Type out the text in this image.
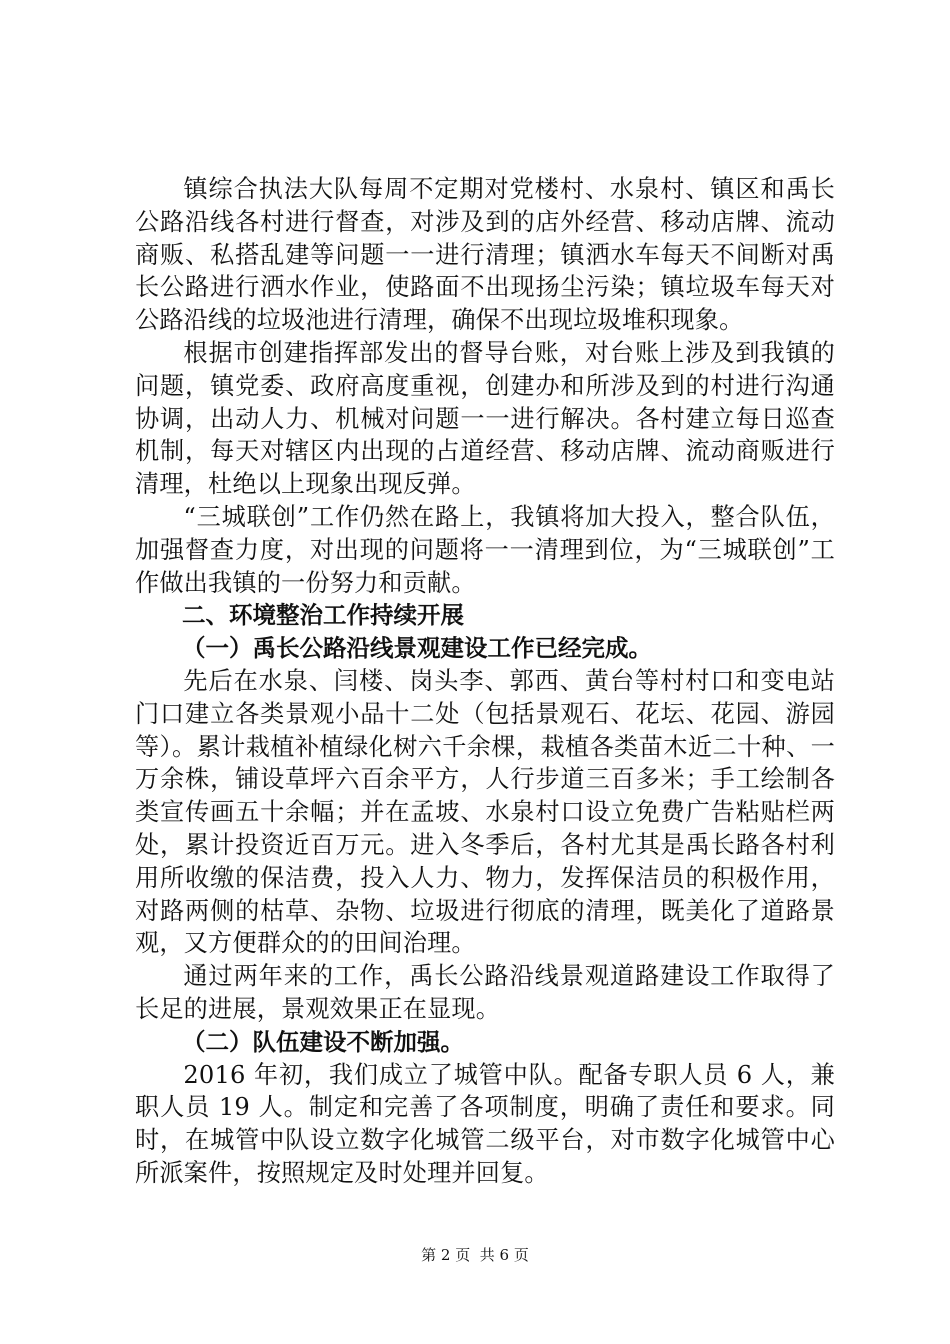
镇综合执法大队每周不定期对党楼村、水泉村、镇区和禹长公路沿线各村进行督查，对涉及到的店外经营、移动店牌、流动商贩、私搭乱建等问题一一进行清理；镇洒水车每天不间断对禹长公路进行洒水作业，使路面不出现扬尘污染；镇垃圾车每天对公路沿线的垃圾池进行清理，确保不出现垃圾堆积现象。

根据市创建指挥部发出的督导台账，对台账上涉及到我镇的问题，镇党委、政府高度重视，创建办和所涉及到的村进行沟通协调，出动人力、机械对问题一一进行解决。各村建立每日巡查机制，每天对辖区内出现的占道经营、移动店牌、流动商贩进行清理，杜绝以上现象出现反弹。

“三城联创”工作仍然在路上，我镇将加大投入，整合队伍，加强督查力度，对出现的问题将一一清理到位，为“三城联创”工作做出我镇的一份努力和贡献。

二、环境整治工作持续开展

（一）禹长公路沿线景观建设工作已经完成。

先后在水泉、闫楼、岗头李、郭西、黄台等村村口和变电站门口建立各类景观小品十二处（包括景观石、花坛、花园、游园等）。累计栽植补植绿化树六千余棵，栽植各类苗木近二十种、一万余株，铺设草坪六百余平方，人行步道三百多米；手工绘制各类宣传画五十余幅；并在孟坡、水泉村口设立免费广告粘贴栏两处，累计投资近百万元。进入冬季后，各村尤其是禹长路各村利用所收缴的保洁费，投入人力、物力，发挥保洁员的积极作用，对路两侧的枯草、杂物、垃圾进行彻底的清理，既美化了道路景观，又方便群众的的田间治理。

通过两年来的工作，禹长公路沿线景观道路建设工作取得了长足的进展，景观效果正在显现。

（二）队伍建设不断加强。

2016 年初，我们成立了城管中队。配备专职人员 6 人，兼职人员 19 人。制定和完善了各项制度，明确了责任和要求。同时，在城管中队设立数字化城管二级平台，对市数字化城管中心所派案件，按照规定及时处理并回复。

第 2 页 共 6 页
